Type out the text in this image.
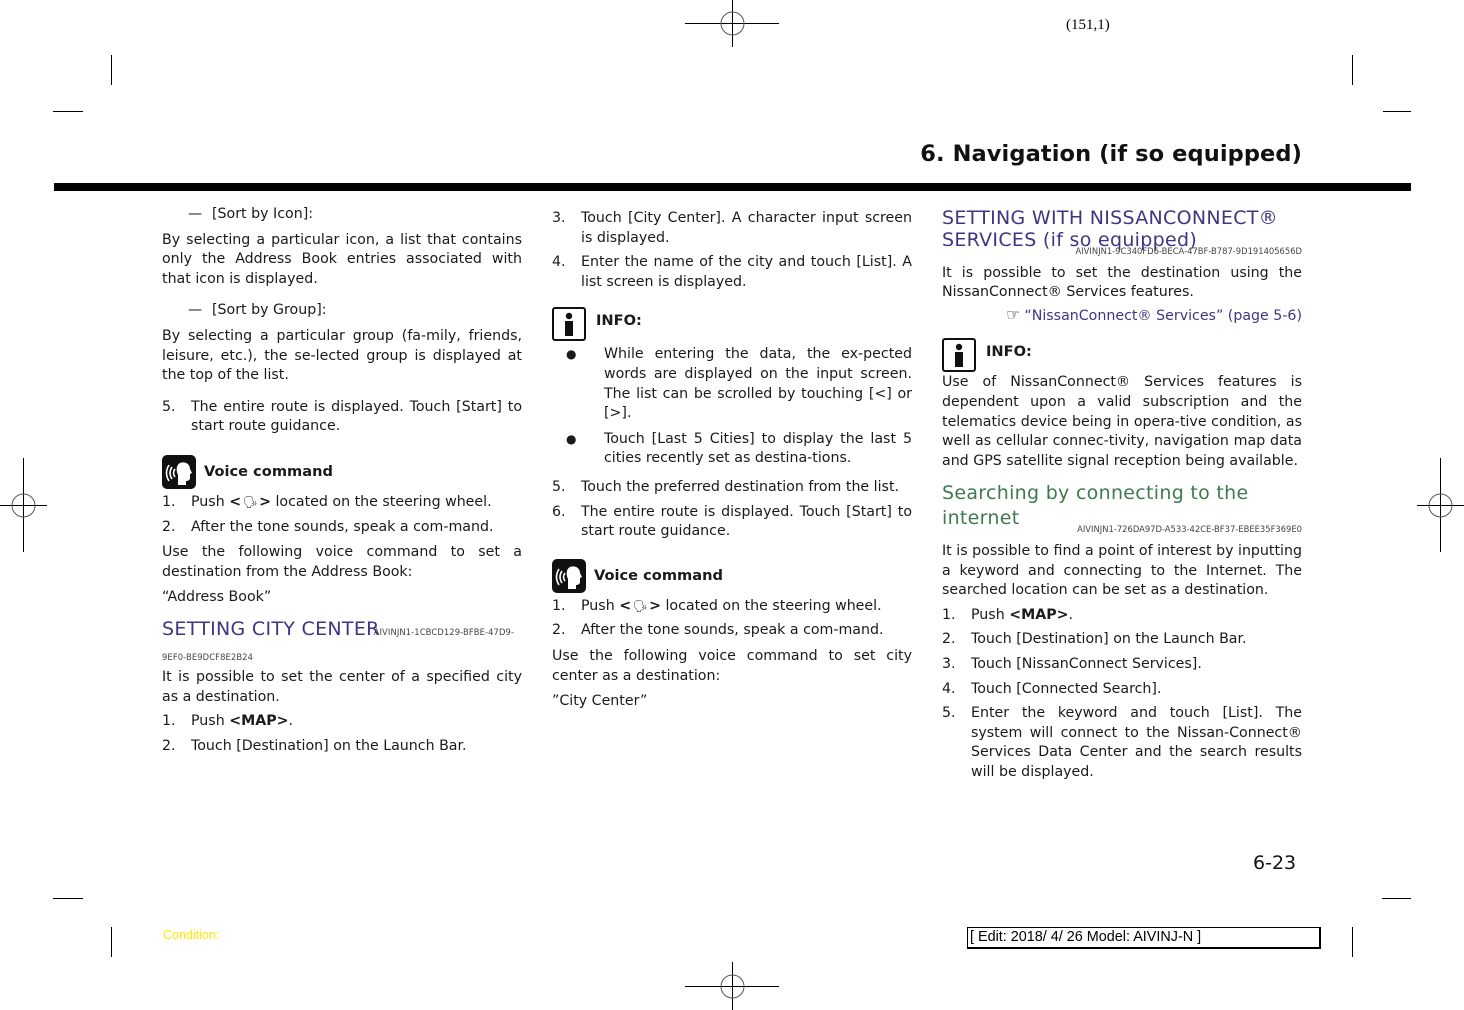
(151,1)
6. Navigation (if so equipped)
— [Sort by Icon]:

By selecting a particular icon, a list that contains only the Address Book entries associated with that icon is displayed.

— [Sort by Group]:

By selecting a particular group (fa-mily, friends, leisure, etc.), the se-lected group is displayed at the top of the list.

5.	The entire route is displayed. Touch [Start] to start route guidance.
Voice command
1.	Push <🗣︎> located on the steering wheel.
2.	After the tone sounds, speak a com-mand.

Use the following voice command to set a destination from the Address Book:

“Address Book”

SETTING CITY CENTERAIVINJN1-1CBCD129-BFBE-47D9-9EF0-BE9DCF8E2B24

It is possible to set the center of a specified city as a destination.

1.	Push <MAP>.
2.	Touch [Destination] on the Launch Bar.
3.	Touch [City Center]. A character input screen is displayed.
4.	Enter the name of the city and touch [List]. A list screen is displayed.
INFO:
●	While entering the data, the ex-pected words are displayed on the input screen. The list can be scrolled by touching [<] or [>].
●	Touch [Last 5 Cities] to display the last 5 cities recently set as destina-tions.
5.	Touch the preferred destination from the list.
6.	The entire route is displayed. Touch [Start] to start route guidance.
Voice command
1.	Push <🗣︎> located on the steering wheel.
2.	After the tone sounds, speak a com-mand.

Use the following voice command to set city center as a destination:

”City Center”

SETTING WITH NISSANCONNECT® SERVICES (if so equipped)
AIVINJN1-9C340FD6-BECA-47BF-B787-9D191405656D

It is possible to set the destination using the NissanConnect® Services features.

☞ “NissanConnect® Services” (page 5-6)

INFO:

Use of NissanConnect® Services features is dependent upon a valid subscription and the telematics device being in opera-tive condition, as well as cellular connec-tivity, navigation map data and GPS satellite signal reception being available.

Searching by connecting to the internet	AIVINJN1-726DA97D-A533-42CE-BF37-EBEE35F369E0

It is possible to find a point of interest by inputting a keyword and connecting to the Internet. The searched location can be set as a destination.

1.	Push <MAP>.
2.	Touch [Destination] on the Launch Bar.
3.	Touch [NissanConnect Services].
4.	Touch [Connected Search].
5.	Enter the keyword and touch [List]. The system will connect to the Nissan-Connect® Services Data Center and the search results will be displayed.
6-23
Condition:	[ Edit: 2018/ 4/ 26 Model: AIVINJ-N ]
